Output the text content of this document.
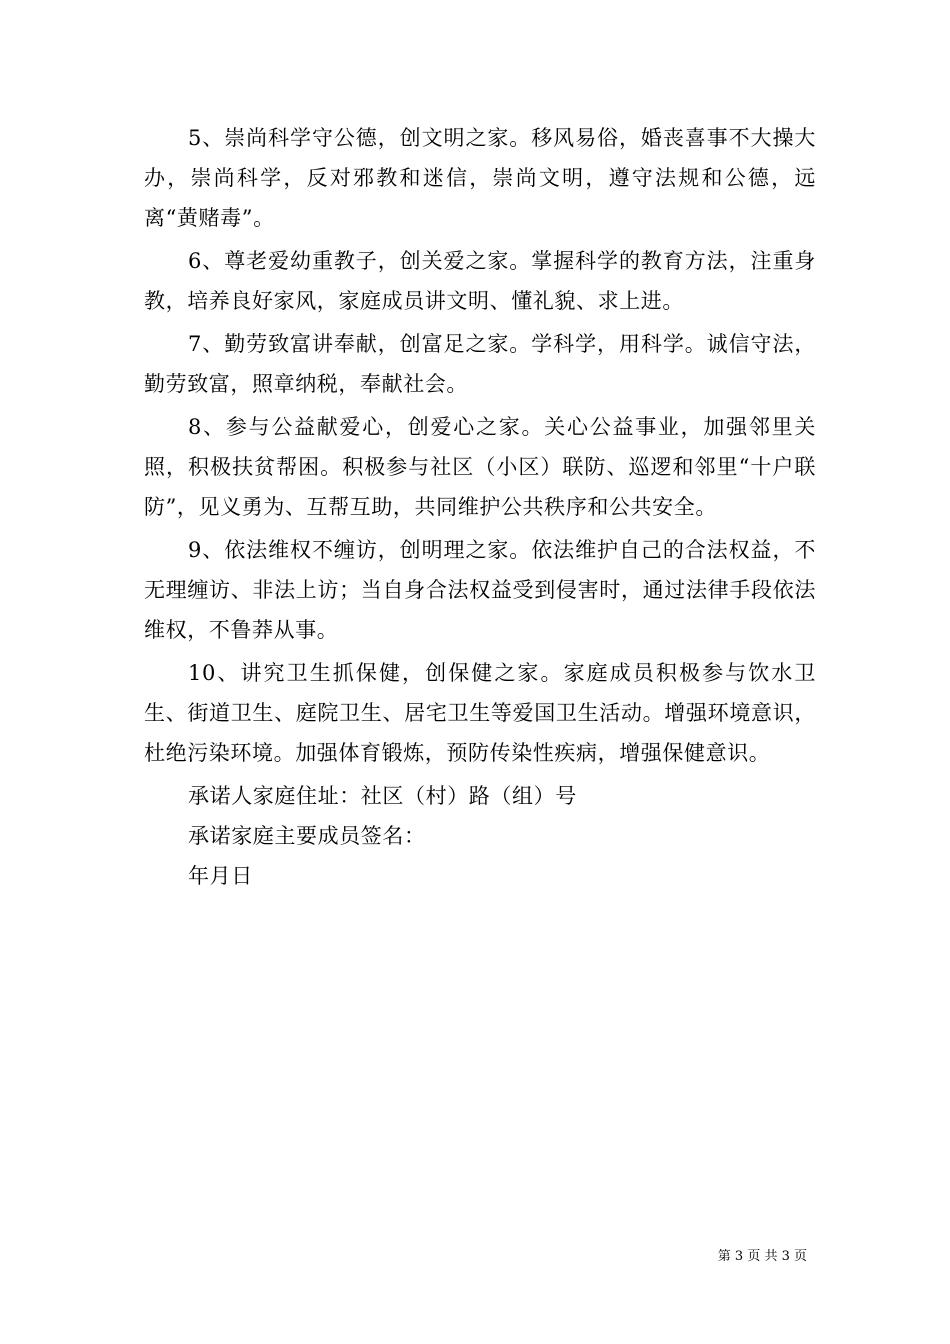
5、崇尚科学守公德，创文明之家。移风易俗，婚丧喜事不大操大办，崇尚科学，反对邪教和迷信，崇尚文明，遵守法规和公德，远离“黄赌毒”。

6、尊老爱幼重教子，创关爱之家。掌握科学的教育方法，注重身教，培养良好家风，家庭成员讲文明、懂礼貌、求上进。

7、勤劳致富讲奉献，创富足之家。学科学，用科学。诚信守法，勤劳致富，照章纳税，奉献社会。

8、参与公益献爱心，创爱心之家。关心公益事业，加强邻里关照，积极扶贫帮困。积极参与社区（小区）联防、巡逻和邻里“十户联防”，见义勇为、互帮互助，共同维护公共秩序和公共安全。

9、依法维权不缠访，创明理之家。依法维护自己的合法权益，不无理缠访、非法上访；当自身合法权益受到侵害时，通过法律手段依法维权，不鲁莽从事。

10、讲究卫生抓保健，创保健之家。家庭成员积极参与饮水卫生、街道卫生、庭院卫生、居宅卫生等爱国卫生活动。增强环境意识，杜绝污染环境。加强体育锻炼，预防传染性疾病，增强保健意识。

承诺人家庭住址：社区（村）路（组）号

承诺家庭主要成员签名：

年月日

第 3 页 共 3 页
